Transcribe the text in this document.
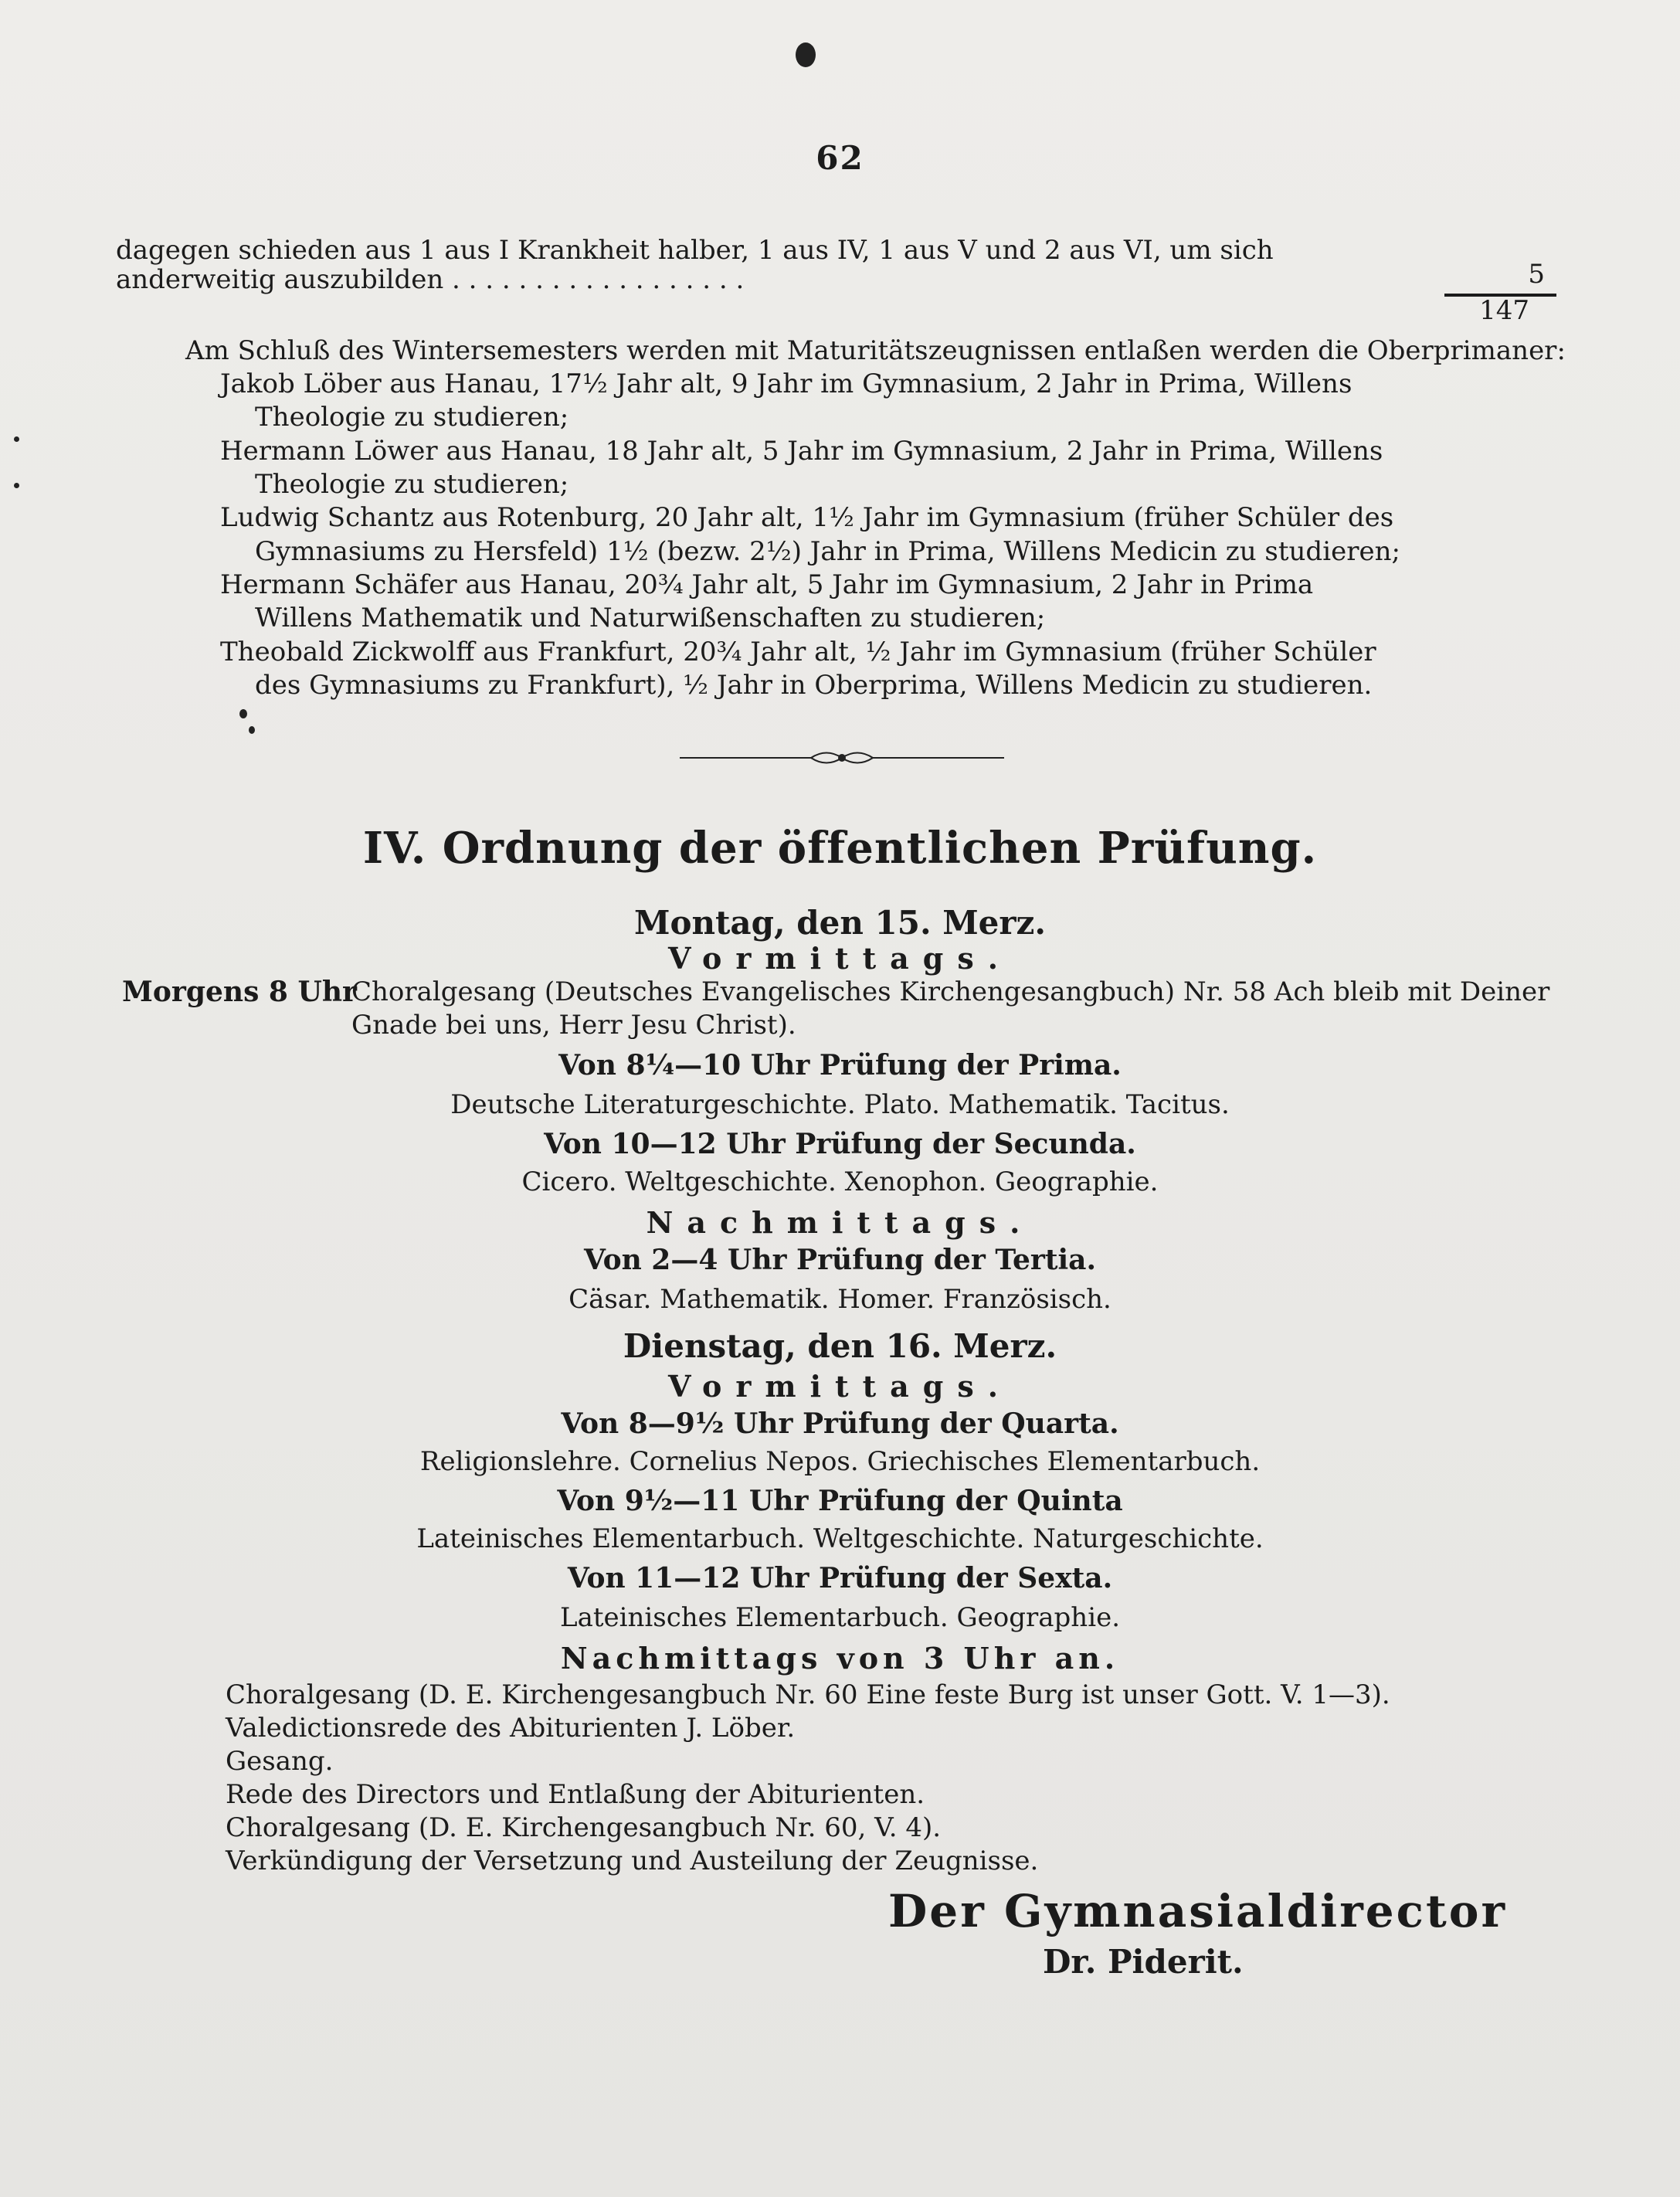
62
dagegen schieden aus 1 aus I Krankheit halber, 1 aus IV, 1 aus V und 2 aus VI, um sich
anderweitig auszubilden . . . . . . . . . . . . . . . . . .	5
147
Am Schluß des Wintersemesters werden mit Maturitätszeugnissen entlaßen werden die Oberprimaner:
Jakob Löber aus Hanau, 17½ Jahr alt, 9 Jahr im Gymnasium, 2 Jahr in Prima, Willens
Theologie zu studieren;
Hermann Löwer aus Hanau, 18 Jahr alt, 5 Jahr im Gymnasium, 2 Jahr in Prima, Willens
Theologie zu studieren;
Ludwig Schantz aus Rotenburg, 20 Jahr alt, 1½ Jahr im Gymnasium (früher Schüler des
Gymnasiums zu Hersfeld) 1½ (bezw. 2½) Jahr in Prima, Willens Medicin zu studieren;
Hermann Schäfer aus Hanau, 20¾ Jahr alt, 5 Jahr im Gymnasium, 2 Jahr in Prima
Willens Mathematik und Naturwißenschaften zu studieren;
Theobald Zickwolff aus Frankfurt, 20¾ Jahr alt, ½ Jahr im Gymnasium (früher Schüler
des Gymnasiums zu Frankfurt), ½ Jahr in Oberprima, Willens Medicin zu studieren.
IV. Ordnung der öffentlichen Prüfung.
Montag, den 15. Merz.
Vormittags.
Morgens 8 Uhr
Choralgesang (Deutsches Evangelisches Kirchengesangbuch) Nr. 58 Ach bleib mit Deiner
Gnade bei uns, Herr Jesu Christ).
Von 8¼—10 Uhr Prüfung der Prima.
Deutsche Literaturgeschichte. Plato. Mathematik. Tacitus.
Von 10—12 Uhr Prüfung der Secunda.
Cicero. Weltgeschichte. Xenophon. Geographie.
Nachmittags.
Von 2—4 Uhr Prüfung der Tertia.
Cäsar. Mathematik. Homer. Französisch.
Dienstag, den 16. Merz.
Vormittags.
Von 8—9½ Uhr Prüfung der Quarta.
Religionslehre. Cornelius Nepos. Griechisches Elementarbuch.
Von 9½—11 Uhr Prüfung der Quinta
Lateinisches Elementarbuch. Weltgeschichte. Naturgeschichte.
Von 11—12 Uhr Prüfung der Sexta.
Lateinisches Elementarbuch. Geographie.
Nachmittags von 3 Uhr an.
Choralgesang (D. E. Kirchengesangbuch Nr. 60 Eine feste Burg ist unser Gott. V. 1—3).
Valedictionsrede des Abiturienten J. Löber.
Gesang.
Rede des Directors und Entlaßung der Abiturienten.
Choralgesang (D. E. Kirchengesangbuch Nr. 60, V. 4).
Verkündigung der Versetzung und Austeilung der Zeugnisse.
Der Gymnasialdirector
Dr. Piderit.
